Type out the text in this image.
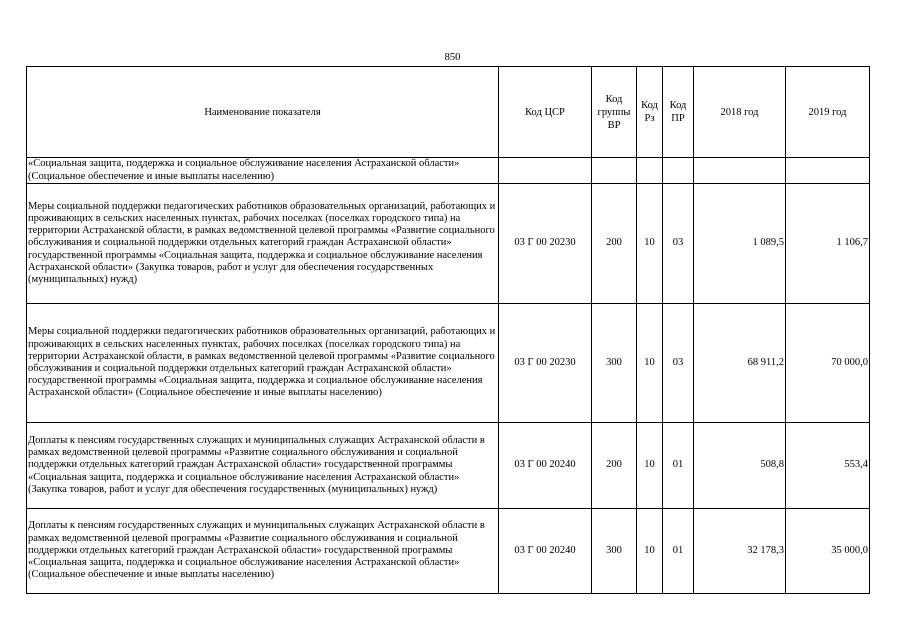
850
Наименование показателя	Код ЦСР	Код группы ВР	Код Рз	Код ПР	2018 год	2019 год
«Социальная защита, поддержка и социальное обслуживание населения Астраханской области» (Социальное обеспечение и иные выплаты населению)						
Меры социальной поддержки педагогических работников образовательных организаций, работающих и проживающих в сельских населенных пунктах, рабочих поселках (поселках городского типа) на территории Астраханской области, в рамках ведомственной целевой программы «Развитие социального обслуживания и социальной поддержки отдельных категорий граждан Астраханской области» государственной программы «Социальная защита, поддержка и социальное обслуживание населения Астраханской области» (Закупка товаров, работ и услуг для обеспечения государственных (муниципальных) нужд)	03 Г 00 20230	200	10	03	1 089,5	1 106,7
Меры социальной поддержки педагогических работников образовательных организаций, работающих и проживающих в сельских населенных пунктах, рабочих поселках (поселках городского типа) на территории Астраханской области, в рамках ведомственной целевой программы «Развитие социального обслуживания и социальной поддержки отдельных категорий граждан Астраханской области» государственной программы «Социальная защита, поддержка и социальное обслуживание населения Астраханской области» (Социальное обеспечение и иные выплаты населению)	03 Г 00 20230	300	10	03	68 911,2	70 000,0
Доплаты к пенсиям государственных служащих и муниципальных служащих Астраханской области в рамках ведомственной целевой программы «Развитие социального обслуживания и социальной поддержки отдельных категорий граждан Астраханской области» государственной программы «Социальная защита, поддержка и социальное обслуживание населения Астраханской области» (Закупка товаров, работ и услуг для обеспечения государственных (муниципальных) нужд)	03 Г 00 20240	200	10	01	508,8	553,4
Доплаты к пенсиям государственных служащих и муниципальных служащих Астраханской области в рамках ведомственной целевой программы «Развитие социального обслуживания и социальной поддержки отдельных категорий граждан Астраханской области» государственной программы «Социальная защита, поддержка и социальное обслуживание населения Астраханской области» (Социальное обеспечение и иные выплаты населению)	03 Г 00 20240	300	10	01	32 178,3	35 000,0
